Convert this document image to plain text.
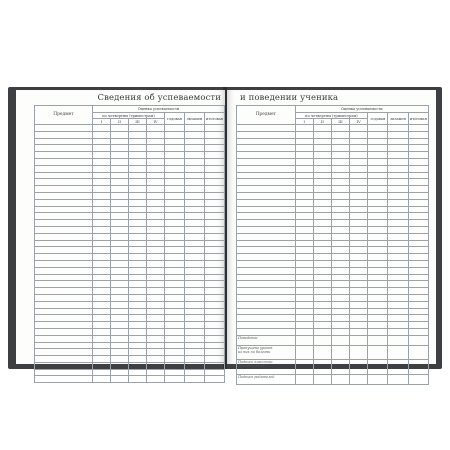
Сведения об успеваемости и поведении ученика
Предмет	Оценка успеваемости						
	по четвертям (триместрам)				годовая	экзамен	итоговая
	I	II	III	IV			

Предмет	Оценка успеваемости						
	по четвертям (триместрам)				годовая	экзамен	итоговая
	I	II	III	IV			

Поведение							
Пропущено уроков
из них по болезни							
Подпись классного руководителя							
Подпись родителей							
